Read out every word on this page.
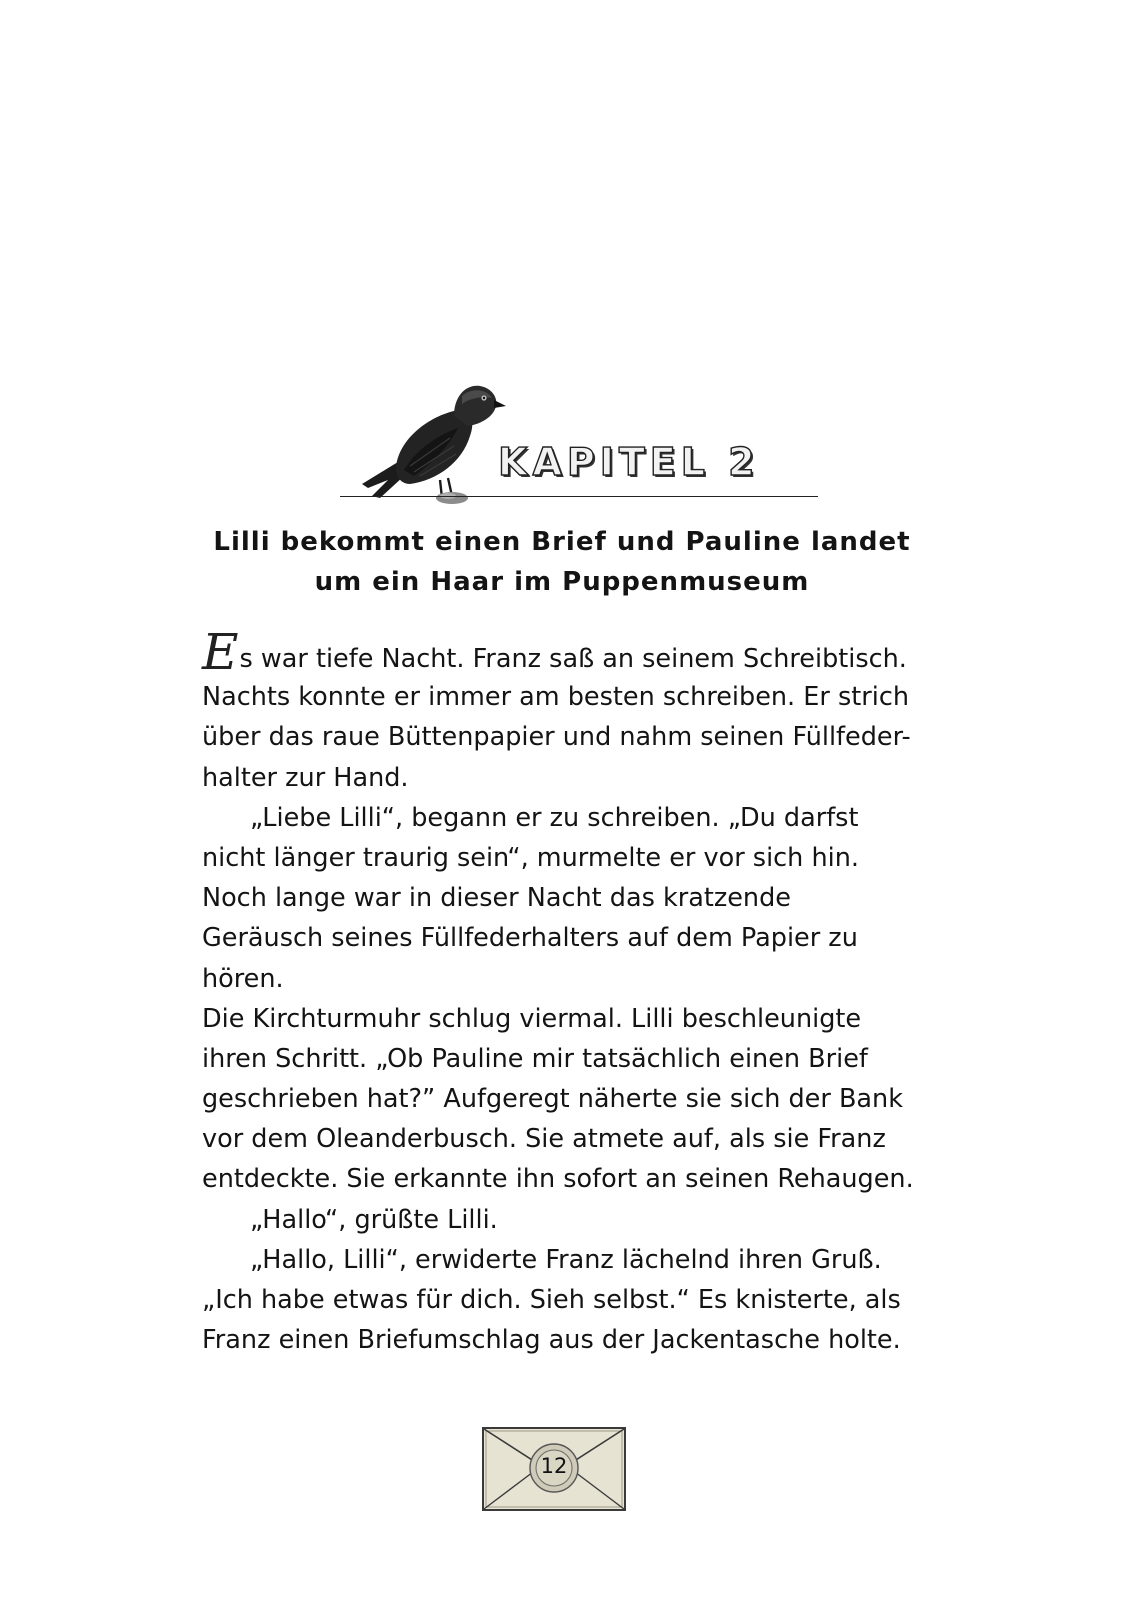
KAPITEL 2
Lilli bekommt einen Brief und Pauline landet
um ein Haar im Puppenmuseum
Es war tiefe Nacht. Franz saß an seinem Schreibtisch.
Nachts konnte er immer am besten schreiben. Er strich
über das raue Büttenpapier und nahm seinen Füllfeder-
halter zur Hand.
„Liebe Lilli“, begann er zu schreiben. „Du darfst
nicht länger traurig sein“, murmelte er vor sich hin.
Noch lange war in dieser Nacht das kratzende
Geräusch seines Füllfederhalters auf dem Papier zu
hören.
Die Kirchturmuhr schlug viermal. Lilli beschleunigte
ihren Schritt. „Ob Pauline mir tatsächlich einen Brief
geschrieben hat?” Aufgeregt näherte sie sich der Bank
vor dem Oleanderbusch. Sie atmete auf, als sie Franz
entdeckte. Sie erkannte ihn sofort an seinen Rehaugen.
„Hallo“, grüßte Lilli.
„Hallo, Lilli“, erwiderte Franz lächelnd ihren Gruß.
„Ich habe etwas für dich. Sieh selbst.“ Es knisterte, als
Franz einen Briefumschlag aus der Jackentasche holte.
12
